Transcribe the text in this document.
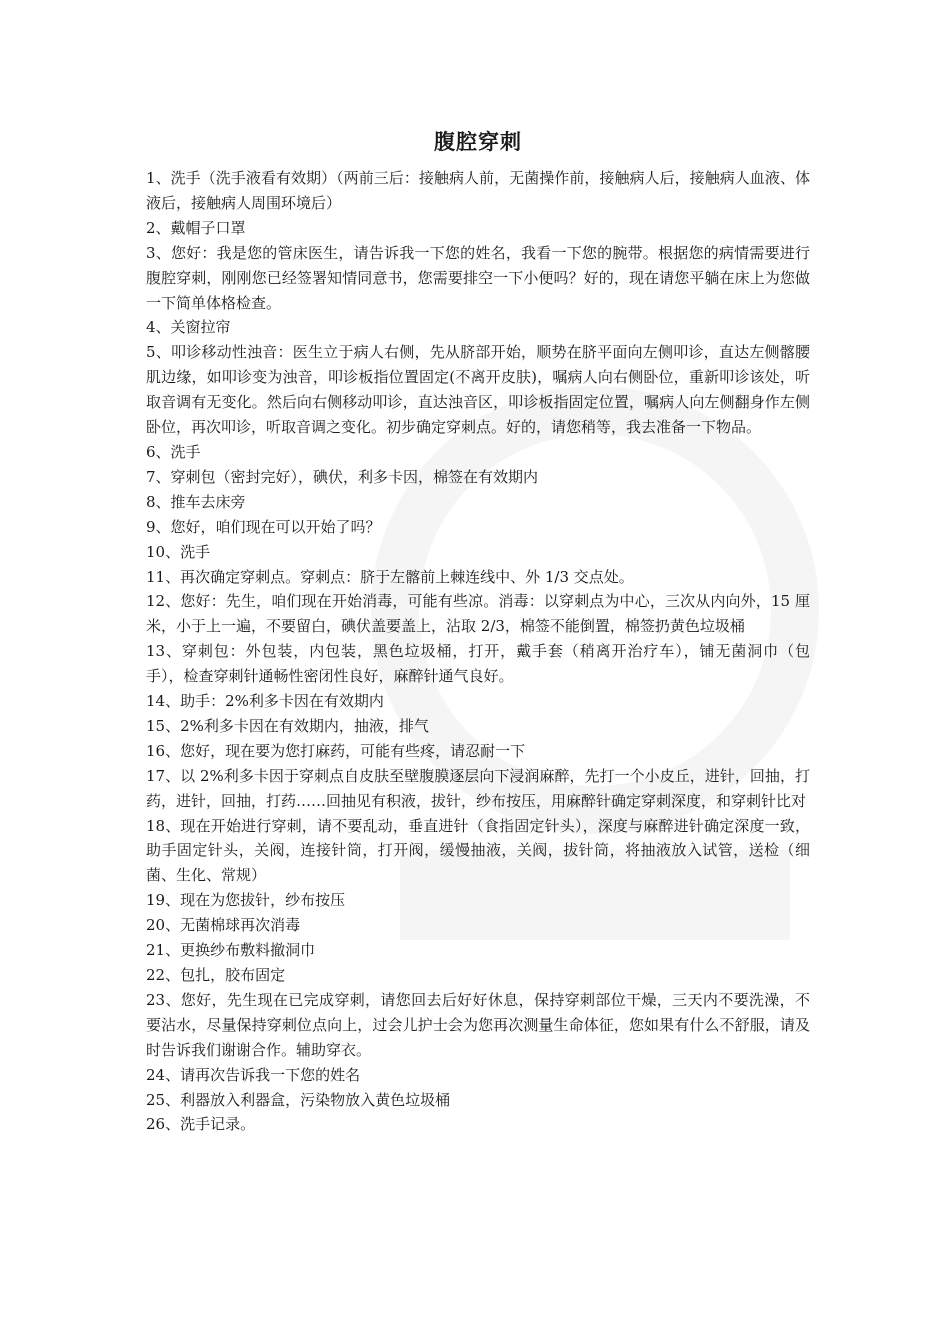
腹腔穿刺

1、洗手（洗手液看有效期）（两前三后：接触病人前，无菌操作前，接触病人后，接触病人血液、体液后，接触病人周围环境后）

2、戴帽子口罩

3、您好：我是您的管床医生，请告诉我一下您的姓名，我看一下您的腕带。根据您的病情需要进行腹腔穿刺，刚刚您已经签署知情同意书，您需要排空一下小便吗？好的，现在请您平躺在床上为您做一下简单体格检查。

4、关窗拉帘

5、叩诊移动性浊音：医生立于病人右侧，先从脐部开始，顺势在脐平面向左侧叩诊，直达左侧髂腰肌边缘，如叩诊变为浊音，叩诊板指位置固定(不离开皮肤)，嘱病人向右侧卧位，重新叩诊该处，听取音调有无变化。然后向右侧移动叩诊，直达浊音区，叩诊板指固定位置，嘱病人向左侧翻身作左侧卧位，再次叩诊，听取音调之变化。初步确定穿刺点。好的，请您稍等，我去准备一下物品。

6、洗手

7、穿刺包（密封完好），碘伏，利多卡因，棉签在有效期内

8、推车去床旁

9、您好，咱们现在可以开始了吗？

10、洗手

11、再次确定穿刺点。穿刺点：脐于左髂前上棘连线中、外 1/3 交点处。

12、您好：先生，咱们现在开始消毒，可能有些凉。消毒：以穿刺点为中心，三次从内向外，15 厘米，小于上一遍，不要留白，碘伏盖要盖上，沾取 2/3，棉签不能倒置，棉签扔黄色垃圾桶

13、穿刺包：外包装，内包装，黑色垃圾桶，打开，戴手套（稍离开治疗车），铺无菌洞巾（包手），检查穿刺针通畅性密闭性良好，麻醉针通气良好。

14、助手：2%利多卡因在有效期内

15、2%利多卡因在有效期内，抽液，排气

16、您好，现在要为您打麻药，可能有些疼，请忍耐一下

17、以 2%利多卡因于穿刺点自皮肤至壁腹膜逐层向下浸润麻醉，先打一个小皮丘，进针，回抽，打药，进针，回抽，打药……回抽见有积液，拔针，纱布按压，用麻醉针确定穿刺深度，和穿刺针比对

18、现在开始进行穿刺，请不要乱动，垂直进针（食指固定针头），深度与麻醉进针确定深度一致，助手固定针头，关阀，连接针筒，打开阀，缓慢抽液，关阀，拔针筒，将抽液放入试管，送检（细菌、生化、常规）

19、现在为您拔针，纱布按压

20、无菌棉球再次消毒

21、更换纱布敷料撤洞巾

22、包扎，胶布固定

23、您好，先生现在已完成穿刺，请您回去后好好休息，保持穿刺部位干燥，三天内不要洗澡，不要沾水，尽量保持穿刺位点向上，过会儿护士会为您再次测量生命体征，您如果有什么不舒服，请及时告诉我们谢谢合作。辅助穿衣。

24、请再次告诉我一下您的姓名

25、利器放入利器盒，污染物放入黄色垃圾桶

26、洗手记录。
